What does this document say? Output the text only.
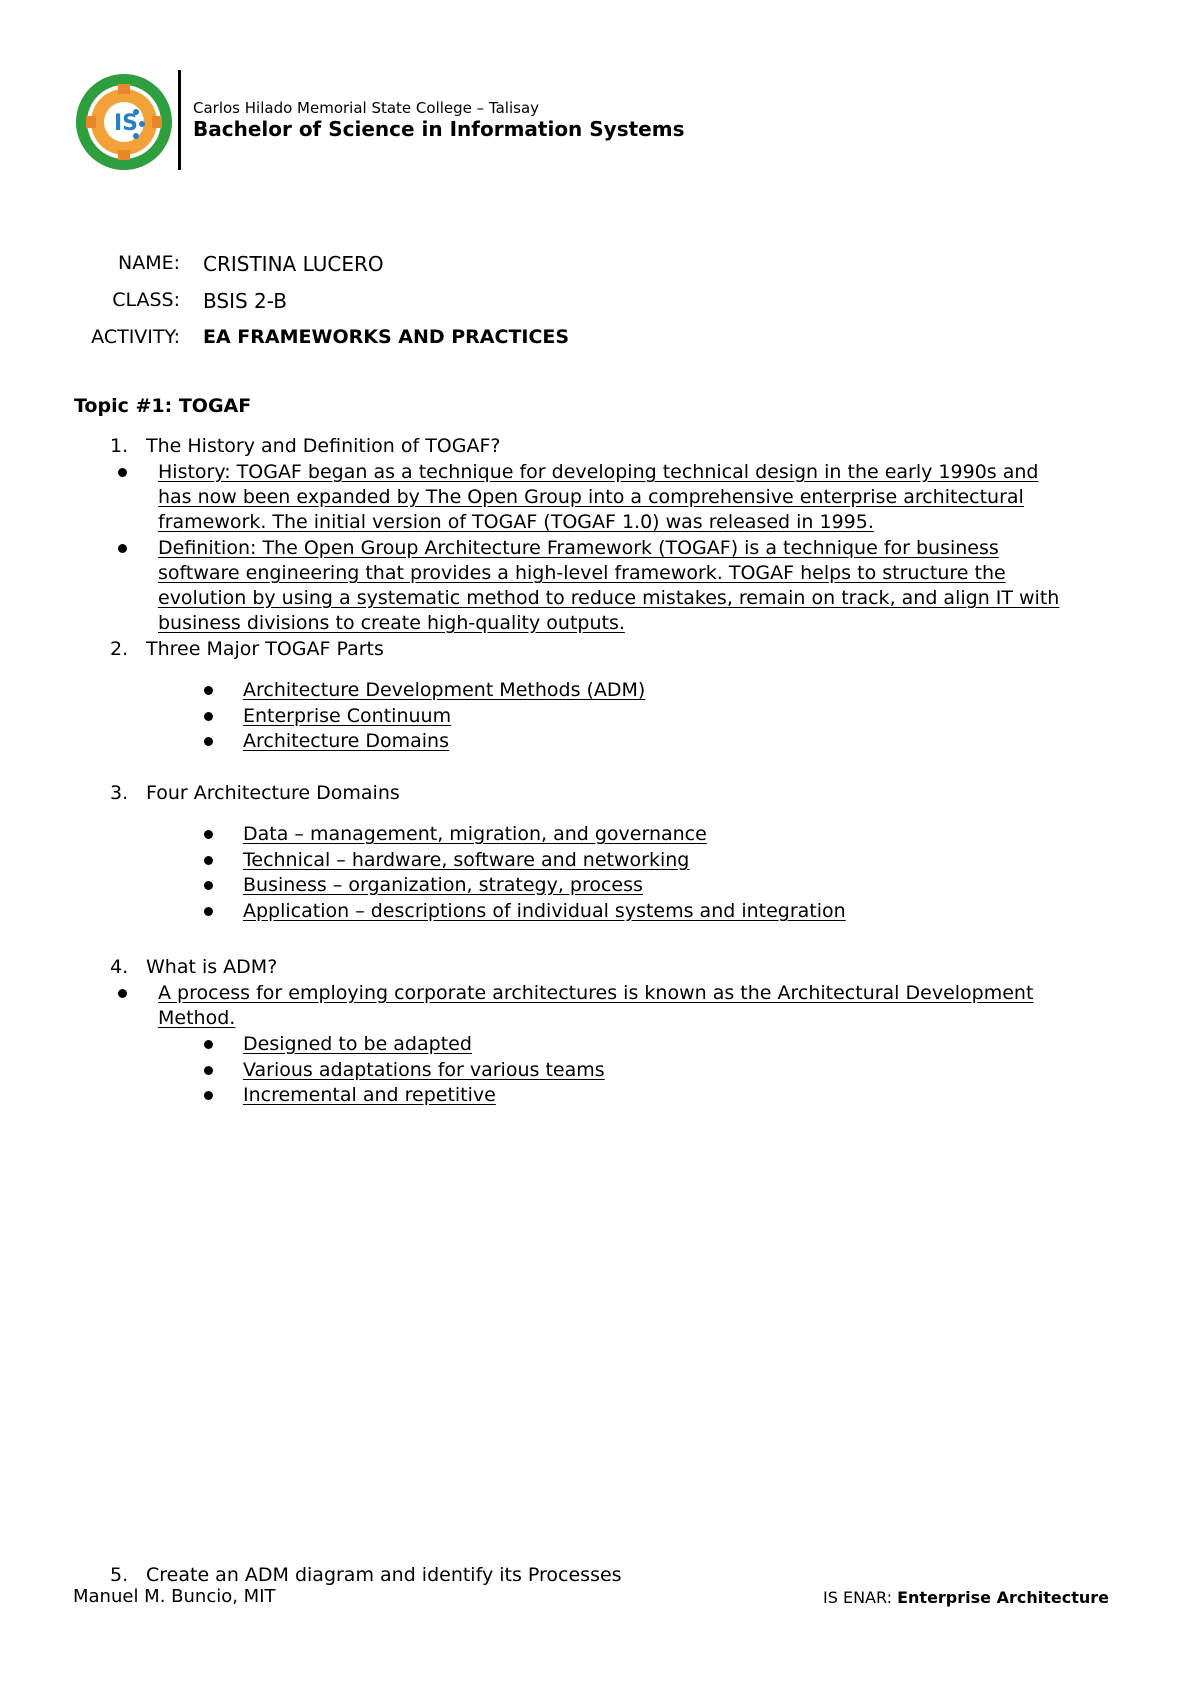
IS
Carlos Hilado Memorial State College – Talisay
Bachelor of Science in Information Systems
NAME: CRISTINA LUCERO
CLASS: BSIS 2-B
ACTIVITY: EA FRAMEWORKS AND PRACTICES
Topic #1: TOGAF
1. The History and Definition of TOGAF?
History: TOGAF began as a technique for developing technical design in the early 1990s and
has now been expanded by The Open Group into a comprehensive enterprise architectural
framework. The initial version of TOGAF (TOGAF 1.0) was released in 1995.
Definition: The Open Group Architecture Framework (TOGAF) is a technique for business
software engineering that provides a high-level framework. TOGAF helps to structure the
evolution by using a systematic method to reduce mistakes, remain on track, and align IT with
business divisions to create high-quality outputs.
2. Three Major TOGAF Parts
Architecture Development Methods (ADM)
Enterprise Continuum
Architecture Domains
3. Four Architecture Domains
Data – management, migration, and governance
Technical – hardware, software and networking
Business – organization, strategy, process
Application – descriptions of individual systems and integration
4. What is ADM?
A process for employing corporate architectures is known as the Architectural Development
Method.
Designed to be adapted
Various adaptations for various teams
Incremental and repetitive
5. Create an ADM diagram and identify its Processes
Manuel M. Buncio, MIT	IS ENAR: Enterprise Architecture
